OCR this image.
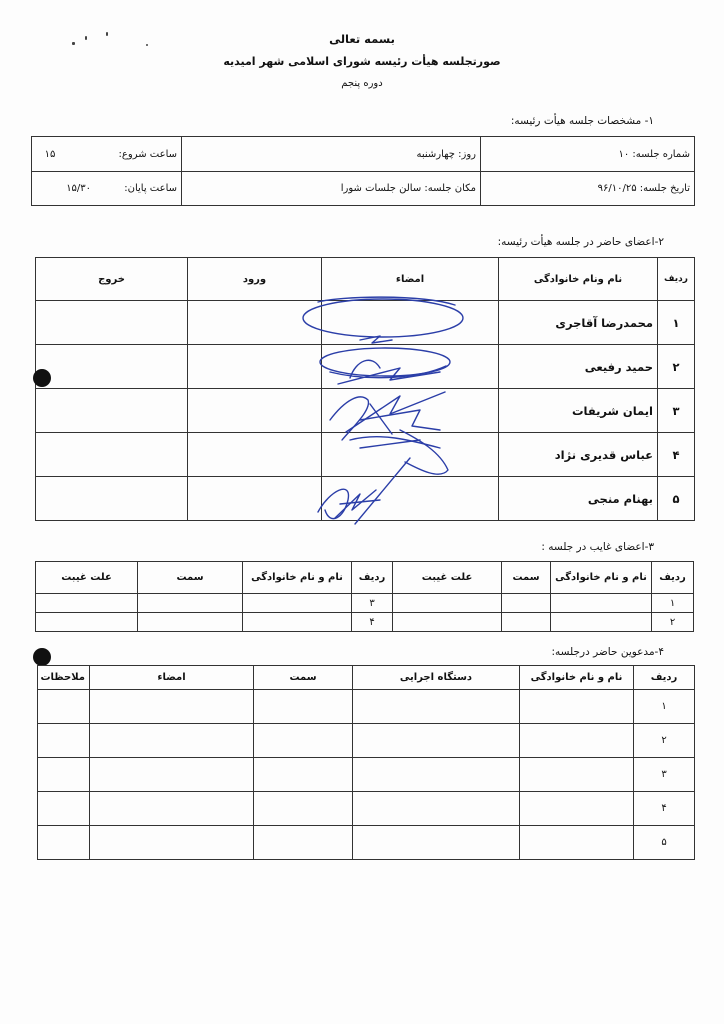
بسمه تعالی
صورتجلسه هیأت رئیسه شورای اسلامی شهر امیدیه
دوره پنجم
۱- مشخصات جلسه هیأت رئیسه:
شماره جلسه: ۱۰	روز: چهارشنبه	ساعت شروع: ۱۵
تاریخ جلسه: ۹۶/۱۰/۲۵	مکان جلسه: سالن جلسات شورا	ساعت پایان: ۱۵/۳۰
۲-اعضای حاضر در جلسه هیأت رئیسه:
ردیف	نام ونام خانوادگی	امضاء	ورود	خروج
۱	محمدرضا آقاجری			
۲	حمید رفیعی			
۳	ایمان شریفات			
۴	عباس قدیری نژاد			
۵	بهنام منجی			
۳-اعضای غایب در جلسه :
ردیف	نام و نام خانوادگی	سمت	علت غیبت	ردیف	نام و نام خانوادگی	سمت	علت غیبت
۱				۳			
۲				۴			
۴-مدعوین حاضر درجلسه:
ردیف	نام و نام خانوادگی	دستگاه اجرایی	سمت	امضاء	ملاحظات
۱					
۲					
۳					
۴					
۵					
